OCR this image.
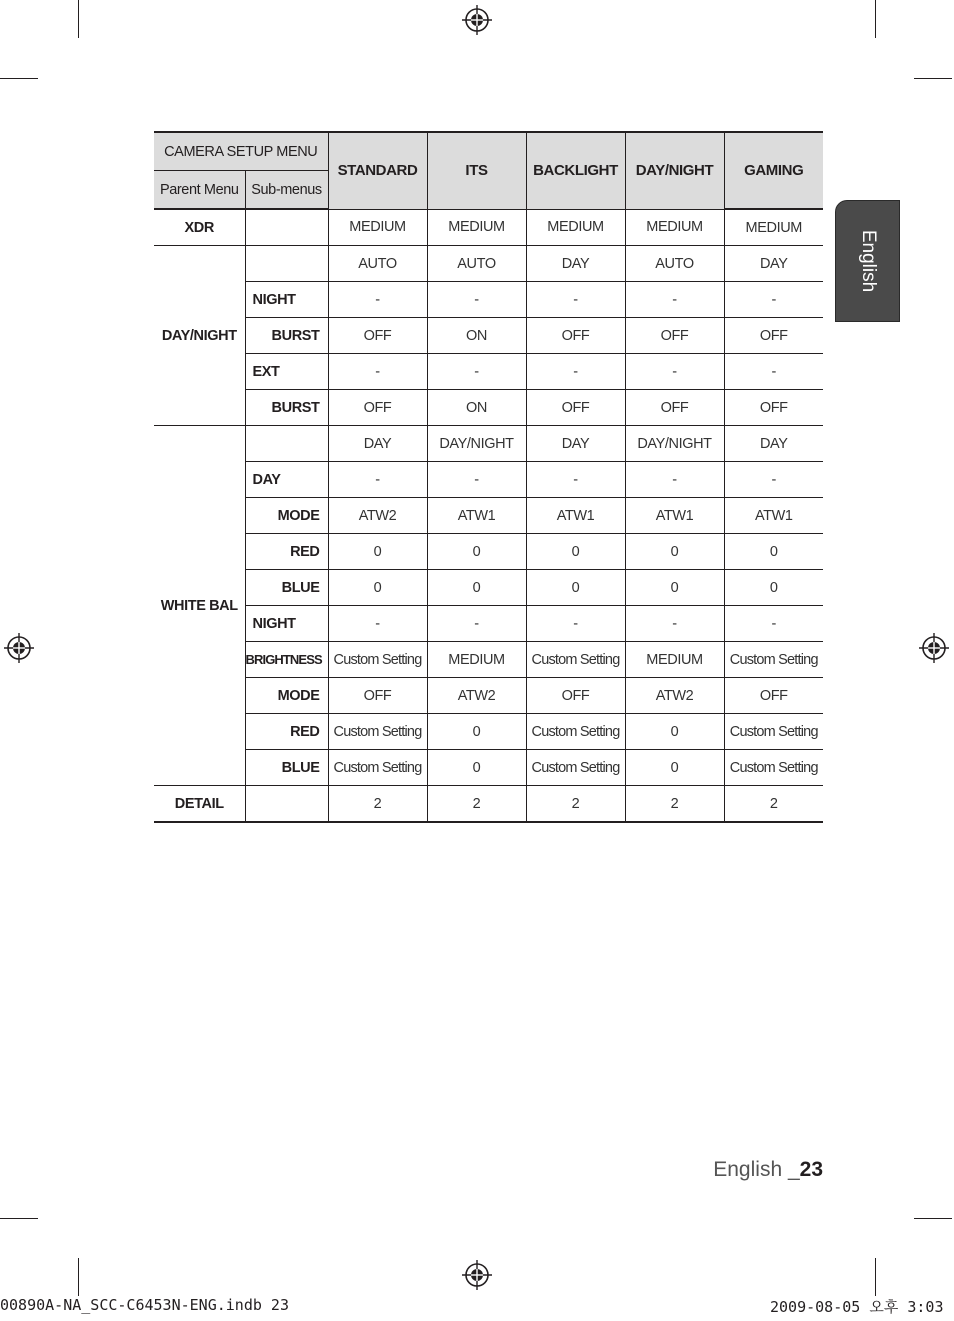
English
CAMERA SETUP MENU		STANDARD	ITS	BACKLIGHT	DAY/NIGHT	GAMING
Parent Menu	Sub-menus					
XDR		MEDIUM	MEDIUM	MEDIUM	MEDIUM	MEDIUM
DAY/NIGHT		AUTO	AUTO	DAY	AUTO	DAY
	NIGHT	-	-	-	-	-
	BURST	OFF	ON	OFF	OFF	OFF
	EXT	-	-	-	-	-
	BURST	OFF	ON	OFF	OFF	OFF
WHITE BAL		DAY	DAY/NIGHT	DAY	DAY/NIGHT	DAY
	DAY	-	-	-	-	-
	MODE	ATW2	ATW1	ATW1	ATW1	ATW1
	RED	0	0	0	0	0
	BLUE	0	0	0	0	0
	NIGHT	-	-	-	-	-
	BRIGHTNESS	Custom Setting	MEDIUM	Custom Setting	MEDIUM	Custom Setting
	MODE	OFF	ATW2	OFF	ATW2	OFF
	RED	Custom Setting	0	Custom Setting	0	Custom Setting
	BLUE	Custom Setting	0	Custom Setting	0	Custom Setting
DETAIL		2	2	2	2	2
English _23
00890A-NA_SCC-C6453N-ENG.indb 23	2009-08-05 오후 3:03
